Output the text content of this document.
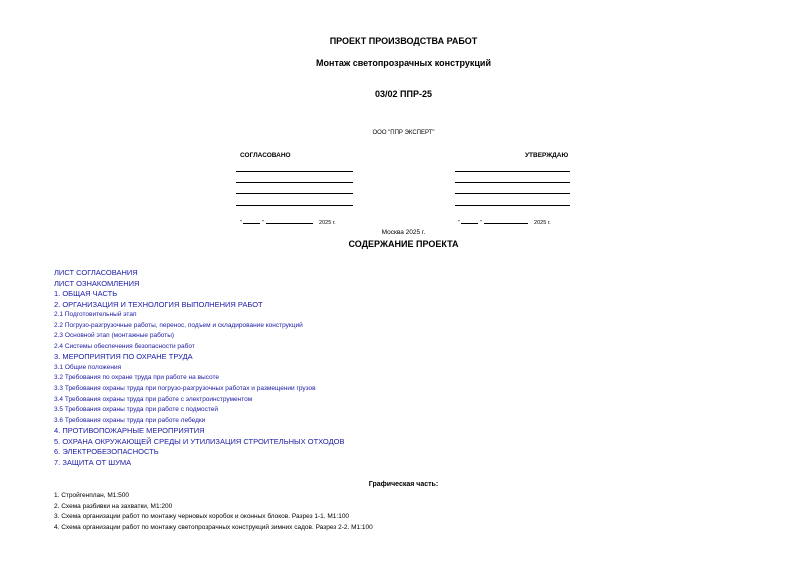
ПРОЕКТ ПРОИЗВОДСТВА РАБОТ
Монтаж светопрозрачных конструкций
03/02 ППР-25
ООО "ППР ЭКСПЕРТ"
СОГЛАСОВАНО	УТВЕРЖДАЮ
"	"	2025 г.	"	"	2025 г.
Москва 2025 г.
СОДЕРЖАНИЕ ПРОЕКТА
ЛИСТ СОГЛАСОВАНИЯ
ЛИСТ ОЗНАКОМЛЕНИЯ
1. ОБЩАЯ ЧАСТЬ
2. ОРГАНИЗАЦИЯ И ТЕХНОЛОГИЯ ВЫПОЛНЕНИЯ РАБОТ
2.1 Подготовительный этап
2.2 Погрузо-разгрузочные работы, перенос, подъем и складирование конструкций
2.3 Основной этап (монтажные работы)
2.4 Системы обеспечения безопасности работ
3. МЕРОПРИЯТИЯ ПО ОХРАНЕ ТРУДА
3.1 Общие положения
3.2 Требования по охране труда при работе на высоте
3.3 Требования охраны труда при погрузо-разгрузочных работах и размещении грузов
3.4 Требования охраны труда при работе с электроинструментом
3.5 Требования охраны труда при работе с подмостей
3.6 Требования охраны труда при работе лебедки
4. ПРОТИВОПОЖАРНЫЕ МЕРОПРИЯТИЯ
5. ОХРАНА ОКРУЖАЮЩЕЙ СРЕДЫ И УТИЛИЗАЦИЯ СТРОИТЕЛЬНЫХ ОТХОДОВ
6. ЭЛЕКТРОБЕЗОПАСНОСТЬ
7. ЗАЩИТА ОТ ШУМА
Графическая часть:
1. Стройгенплан, М1:500
2. Схема разбивки на захватки, М1:200
3. Схема организации работ по монтажу черновых коробок и оконных блоков. Разрез 1-1. М1:100
4. Схема организации работ по монтажу светопрозрачных конструкций зимних садов. Разрез 2-2. М1:100
